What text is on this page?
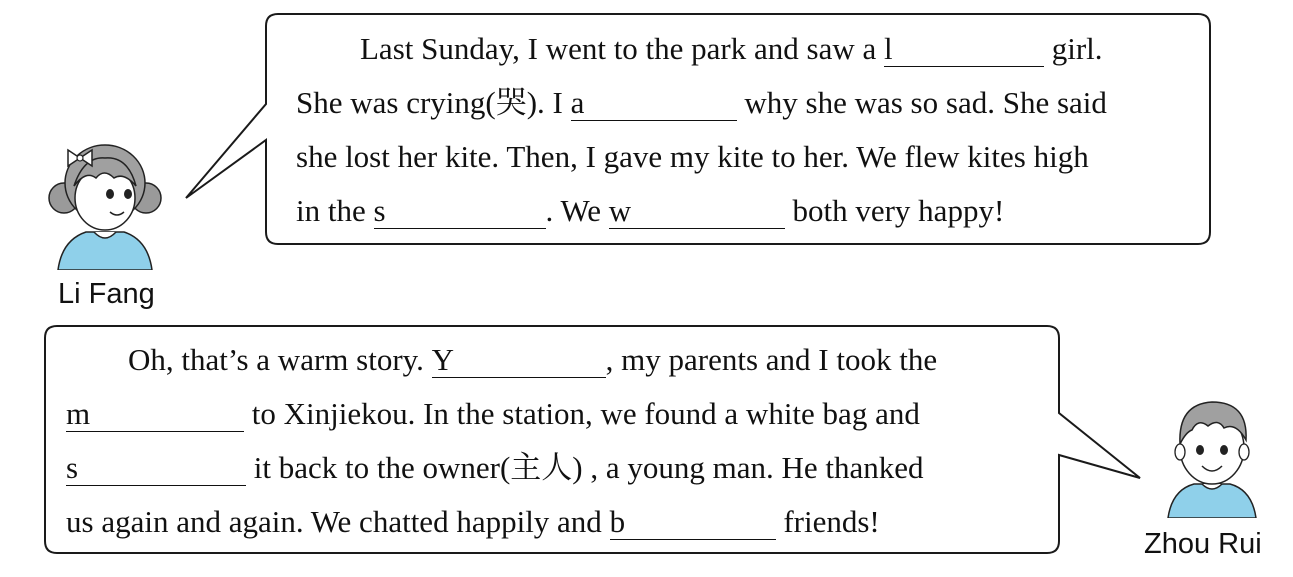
Li Fang
Zhou Rui
Last Sunday, I went to the park and saw a l	girl.
She was crying(哭). I a	why she was so sad. She said
she lost her kite. Then, I gave my kite to her. We flew kites high
in the s	. We w	both very happy!
Oh, that’s a warm story. Y	, my parents and I took the
m	to Xinjiekou. In the station, we found a white bag and
s	it back to the owner(主人) , a young man. He thanked
us again and again. We chatted happily and b	friends!
